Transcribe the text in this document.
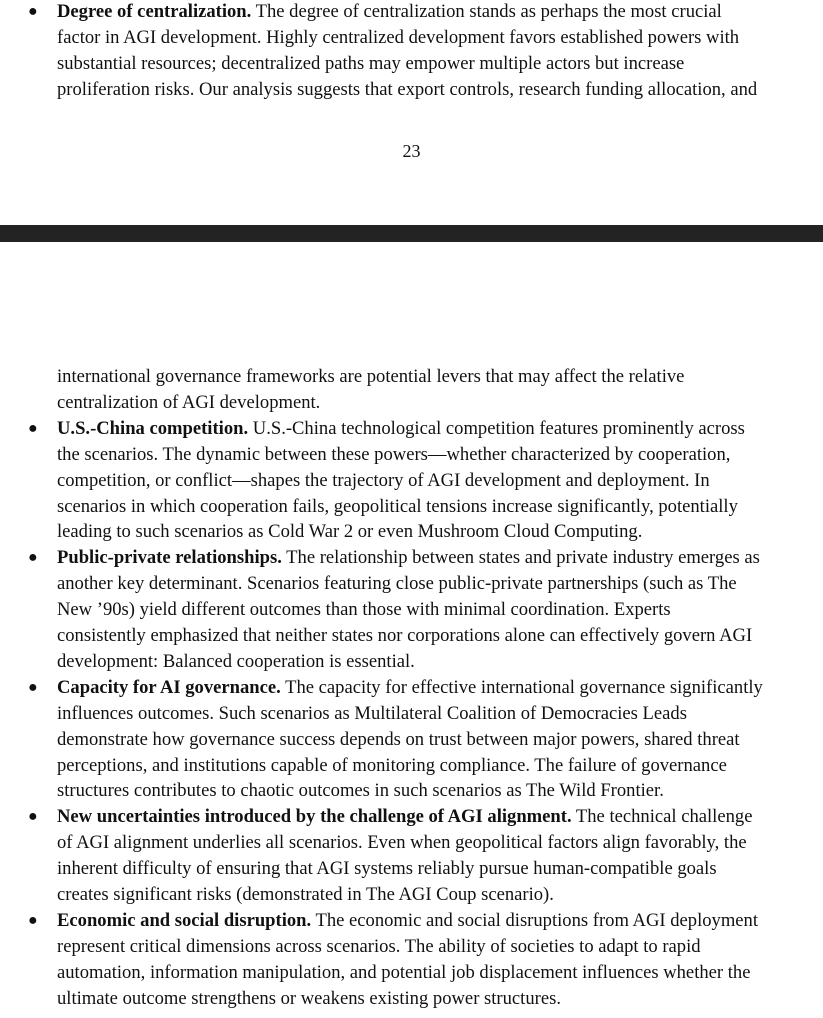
● Degree of centralization. The degree of centralization stands as perhaps the most crucial
factor in AGI development. Highly centralized development favors established powers with
substantial resources; decentralized paths may empower multiple actors but increase
proliferation risks. Our analysis suggests that export controls, research funding allocation, and
23
international governance frameworks are potential levers that may affect the relative
centralization of AGI development.
● U.S.-China competition. U.S.-China technological competition features prominently across
the scenarios. The dynamic between these powers—whether characterized by cooperation,
competition, or conflict—shapes the trajectory of AGI development and deployment. In
scenarios in which cooperation fails, geopolitical tensions increase significantly, potentially
leading to such scenarios as Cold War 2 or even Mushroom Cloud Computing.
● Public-private relationships. The relationship between states and private industry emerges as
another key determinant. Scenarios featuring close public-private partnerships (such as The
New ’90s) yield different outcomes than those with minimal coordination. Experts
consistently emphasized that neither states nor corporations alone can effectively govern AGI
development: Balanced cooperation is essential.
● Capacity for AI governance. The capacity for effective international governance significantly
influences outcomes. Such scenarios as Multilateral Coalition of Democracies Leads
demonstrate how governance success depends on trust between major powers, shared threat
perceptions, and institutions capable of monitoring compliance. The failure of governance
structures contributes to chaotic outcomes in such scenarios as The Wild Frontier.
● New uncertainties introduced by the challenge of AGI alignment. The technical challenge
of AGI alignment underlies all scenarios. Even when geopolitical factors align favorably, the
inherent difficulty of ensuring that AGI systems reliably pursue human-compatible goals
creates significant risks (demonstrated in The AGI Coup scenario).
● Economic and social disruption. The economic and social disruptions from AGI deployment
represent critical dimensions across scenarios. The ability of societies to adapt to rapid
automation, information manipulation, and potential job displacement influences whether the
ultimate outcome strengthens or weakens existing power structures.
